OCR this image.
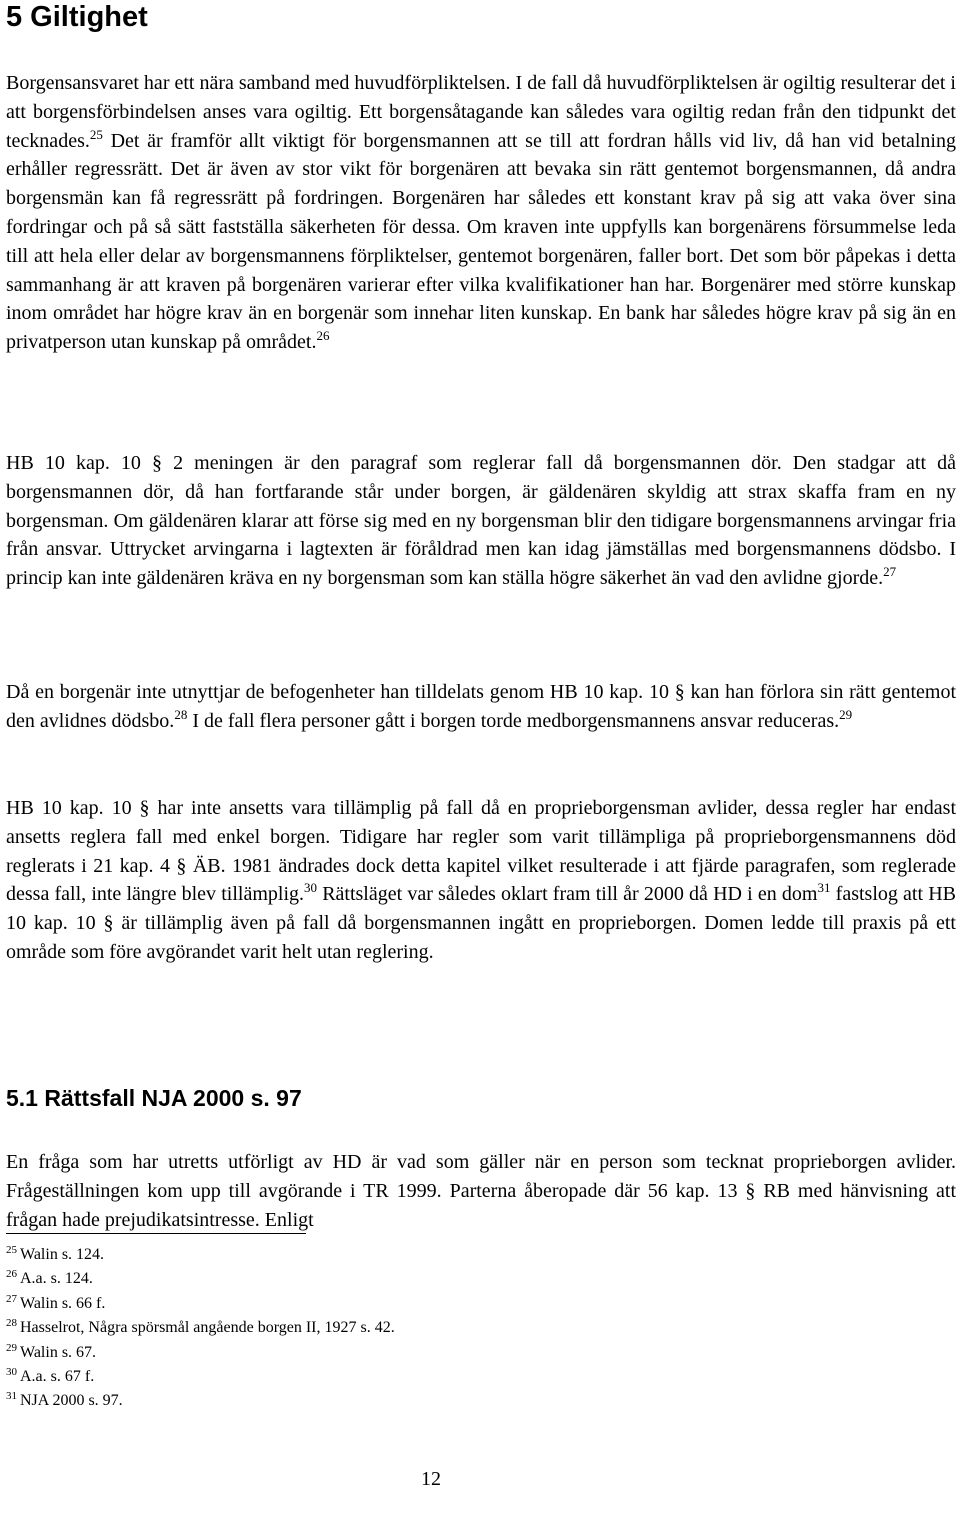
5 Giltighet

Borgensansvaret har ett nära samband med huvudförpliktelsen. I de fall då huvudförpliktelsen är ogiltig resulterar det i att borgensförbindelsen anses vara ogiltig. Ett borgensåtagande kan således vara ogiltig redan från den tidpunkt det tecknades.$^{25}$ Det är framför allt viktigt för borgensmannen att se till att fordran hålls vid liv, då han vid betalning erhåller regressrätt. Det är även av stor vikt för borgenären att bevaka sin rätt gentemot borgensmannen, då andra borgensmän kan få regressrätt på fordringen. Borgenären har således ett konstant krav på sig att vaka över sina fordringar och på så sätt fastställa säkerheten för dessa. Om kraven inte uppfylls kan borgenärens försummelse leda till att hela eller delar av borgensmannens förpliktelser, gentemot borgenären, faller bort. Det som bör påpekas i detta sammanhang är att kraven på borgenären varierar efter vilka kvalifikationer han har. Borgenärer med större kunskap inom området har högre krav än en borgenär som innehar liten kunskap. En bank har således högre krav på sig än en privatperson utan kunskap på området.$^{26}$

HB 10 kap. 10 § 2 meningen är den paragraf som reglerar fall då borgensmannen dör. Den stadgar att då borgensmannen dör, då han fortfarande står under borgen, är gäldenären skyldig att strax skaffa fram en ny borgensman. Om gäldenären klarar att förse sig med en ny borgensman blir den tidigare borgensmannens arvingar fria från ansvar. Uttrycket arvingarna i lagtexten är föråldrad men kan idag jämställas med borgensmannens dödsbo. I princip kan inte gäldenären kräva en ny borgensman som kan ställa högre säkerhet än vad den avlidne gjorde.$^{27}$

Då en borgenär inte utnyttjar de befogenheter han tilldelats genom HB 10 kap. 10 § kan han förlora sin rätt gentemot den avlidnes dödsbo.$^{28}$ I de fall flera personer gått i borgen torde medborgensmannens ansvar reduceras.$^{29}$

HB 10 kap. 10 § har inte ansetts vara tillämplig på fall då en proprieborgensman avlider, dessa regler har endast ansetts reglera fall med enkel borgen. Tidigare har regler som varit tillämpliga på proprieborgensmannens död reglerats i 21 kap. 4 § ÄB. 1981 ändrades dock detta kapitel vilket resulterade i att fjärde paragrafen, som reglerade dessa fall, inte längre blev tillämplig.$^{30}$ Rättsläget var således oklart fram till år 2000 då HD i en dom$^{31}$ fastslog att HB 10 kap. 10 § är tillämplig även på fall då borgensmannen ingått en proprieborgen. Domen ledde till praxis på ett område som före avgörandet varit helt utan reglering.

5.1 Rättsfall NJA 2000 s. 97

En fråga som har utretts utförligt av HD är vad som gäller när en person som tecknat proprieborgen avlider. Frågeställningen kom upp till avgörande i TR 1999. Parterna åberopade där 56 kap. 13 § RB med hänvisning att frågan hade prejudikatsintresse. Enligt

$^{25}$ Walin s. 124.
$^{26}$ A.a. s. 124.
$^{27}$ Walin s. 66 f.
$^{28}$ Hasselrot, Några spörsmål angående borgen II, 1927 s. 42.
$^{29}$ Walin s. 67.
$^{30}$ A.a. s. 67 f.
$^{31}$ NJA 2000 s. 97.
12
